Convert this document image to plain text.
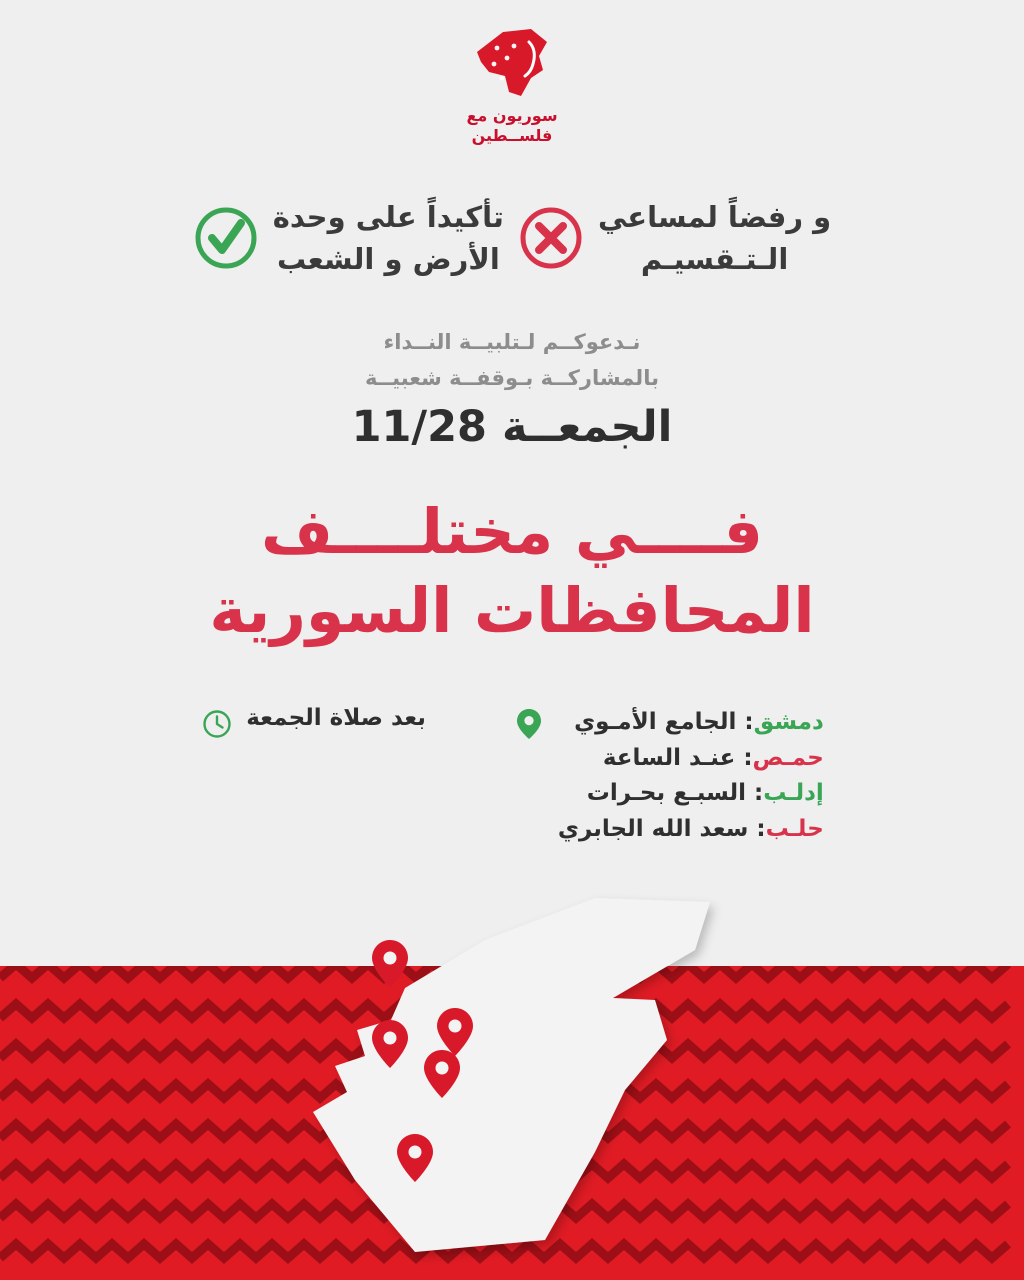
سوريون مع
فلســطين
و رفضاً لمساعي
الـتـقسيـم
تأكيداً على وحدة
الأرض و الشعب
نـدعوكــم لـتلبيــة النــداء
بالمشاركــة بـوقفــة شعبيــة
الجمعــة 11/28
فــــي مختلــــف
المحافظات السورية
دمشق: الجامع الأمـوي
حمـص: عنـد الساعة
إدلـب: السبـع بحـرات
حلـب: سعد الله الجابري
بعد صلاة الجمعة
